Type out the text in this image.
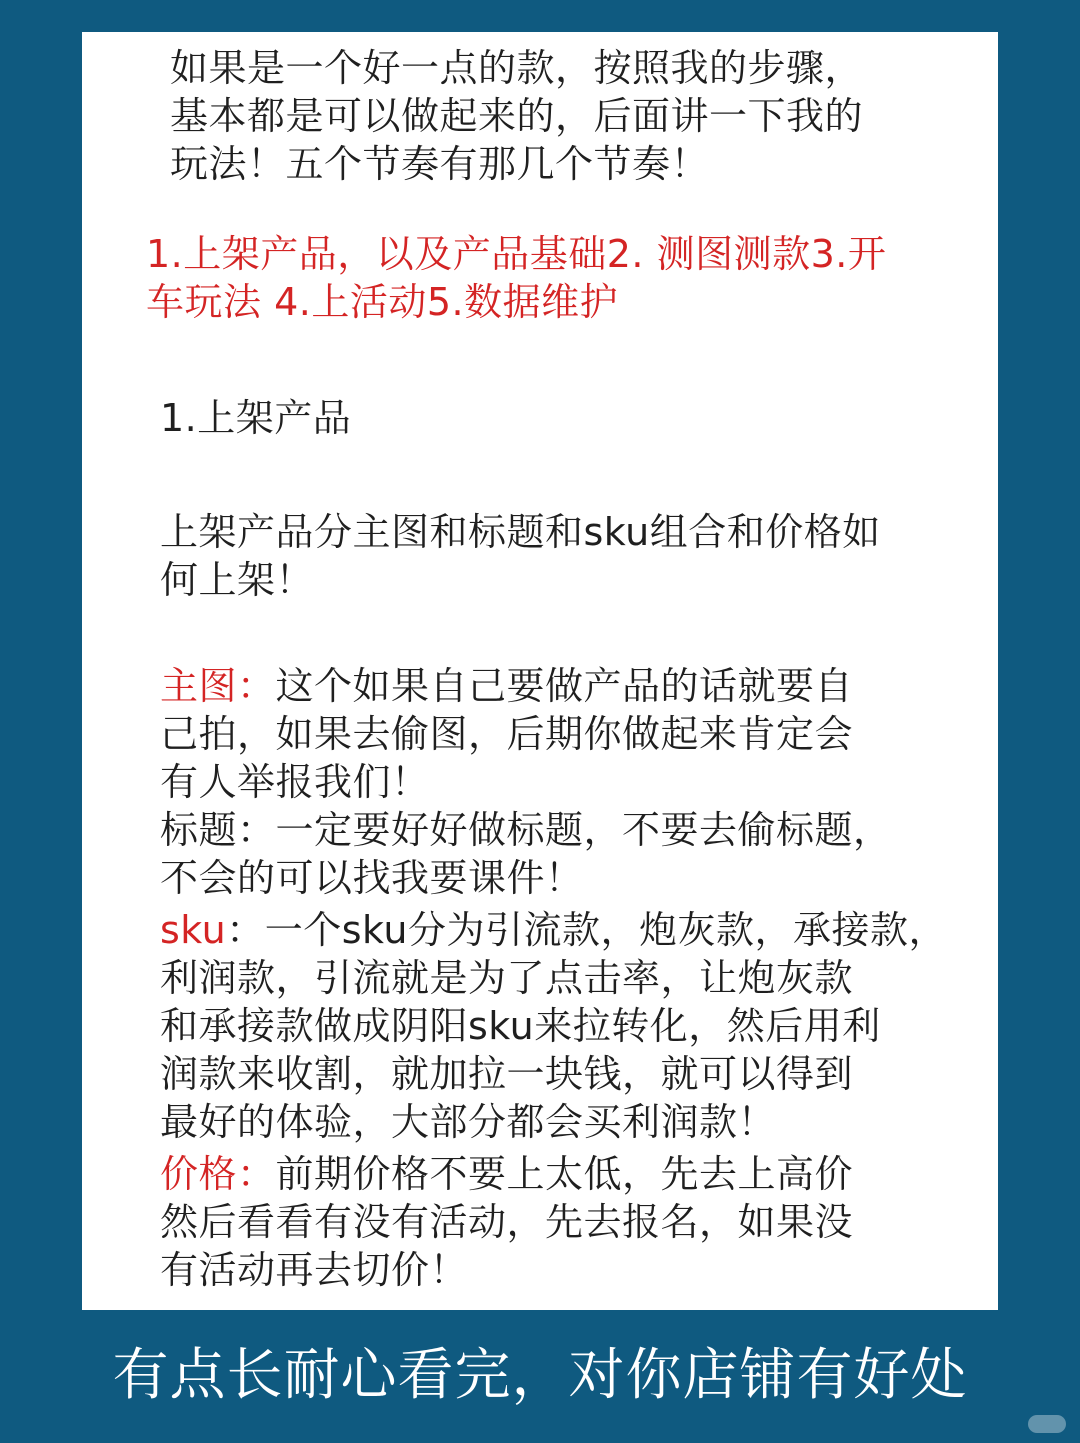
如果是一个好一点的款，按照我的步骤，
基本都是可以做起来的，后面讲一下我的
玩法！五个节奏有那几个节奏！
1.上架产品，以及产品基础2. 测图测款3.开
车玩法 4.上活动5.数据维护
1.上架产品
上架产品分主图和标题和sku组合和价格如
何上架！
主图：这个如果自己要做产品的话就要自
己拍，如果去偷图，后期你做起来肯定会
有人举报我们！
标题：一定要好好做标题，不要去偷标题，
不会的可以找我要课件！
sku：一个sku分为引流款，炮灰款，承接款，
利润款，引流就是为了点击率，让炮灰款
和承接款做成阴阳sku来拉转化，然后用利
润款来收割，就加拉一块钱，就可以得到
最好的体验，大部分都会买利润款！
价格：前期价格不要上太低，先去上高价
然后看看有没有活动，先去报名，如果没
有活动再去切价！
有点长耐心看完，对你店铺有好处
